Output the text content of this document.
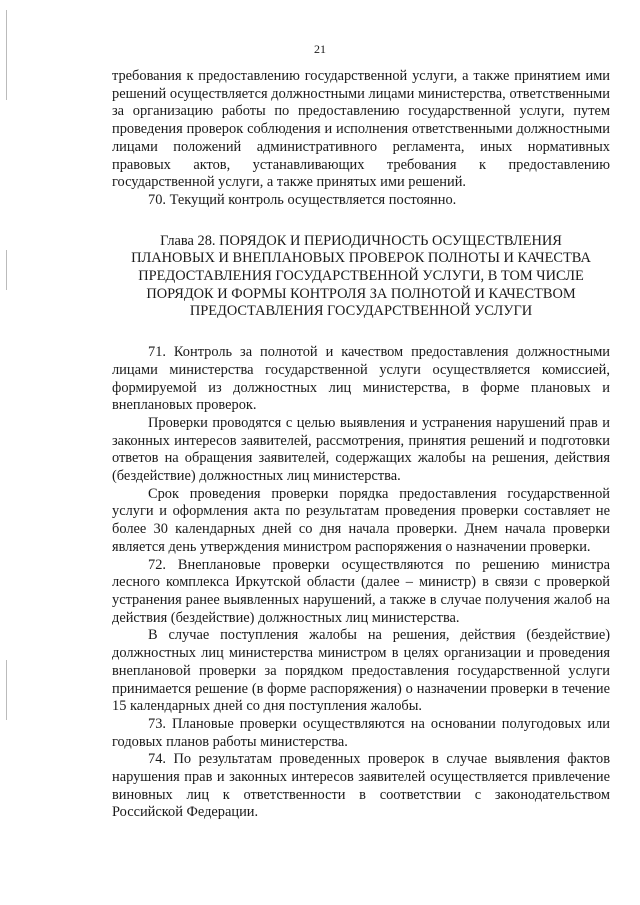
21

требования к предоставлению государственной услуги, а также принятием ими решений осуществляется должностными лицами министерства, ответственными за организацию работы по предоставлению государственной услуги, путем проведения проверок соблюдения и исполнения ответственными должностными лицами положений административного регламента, иных нормативных правовых актов, устанавливающих требования к предоставлению государственной услуги, а также принятых ими решений.

70. Текущий контроль осуществляется постоянно.

Глава 28. ПОРЯДОК И ПЕРИОДИЧНОСТЬ ОСУЩЕСТВЛЕНИЯ
ПЛАНОВЫХ И ВНЕПЛАНОВЫХ ПРОВЕРОК ПОЛНОТЫ И КАЧЕСТВА
ПРЕДОСТАВЛЕНИЯ ГОСУДАРСТВЕННОЙ УСЛУГИ, В ТОМ ЧИСЛЕ
ПОРЯДОК И ФОРМЫ КОНТРОЛЯ ЗА ПОЛНОТОЙ И КАЧЕСТВОМ
ПРЕДОСТАВЛЕНИЯ ГОСУДАРСТВЕННОЙ УСЛУГИ

71. Контроль за полнотой и качеством предоставления должностными лицами министерства государственной услуги осуществляется комиссией, формируемой из должностных лиц министерства, в форме плановых и внеплановых проверок.

Проверки проводятся с целью выявления и устранения нарушений прав и законных интересов заявителей, рассмотрения, принятия решений и подготовки ответов на обращения заявителей, содержащих жалобы на решения, действия (бездействие) должностных лиц министерства.

Срок проведения проверки порядка предоставления государственной услуги и оформления акта по результатам проведения проверки составляет не более 30 календарных дней со дня начала проверки. Днем начала проверки является день утверждения министром распоряжения о назначении проверки.

72. Внеплановые проверки осуществляются по решению министра лесного комплекса Иркутской области (далее – министр) в связи с проверкой устранения ранее выявленных нарушений, а также в случае получения жалоб на действия (бездействие) должностных лиц министерства.

В случае поступления жалобы на решения, действия (бездействие) должностных лиц министерства министром в целях организации и проведения внеплановой проверки за порядком предоставления государственной услуги принимается решение (в форме распоряжения) о назначении проверки в течение 15 календарных дней со дня поступления жалобы.

73. Плановые проверки осуществляются на основании полугодовых или годовых планов работы министерства.

74. По результатам проведенных проверок в случае выявления фактов нарушения прав и законных интересов заявителей осуществляется привлечение виновных лиц к ответственности в соответствии с законодательством Российской Федерации.
